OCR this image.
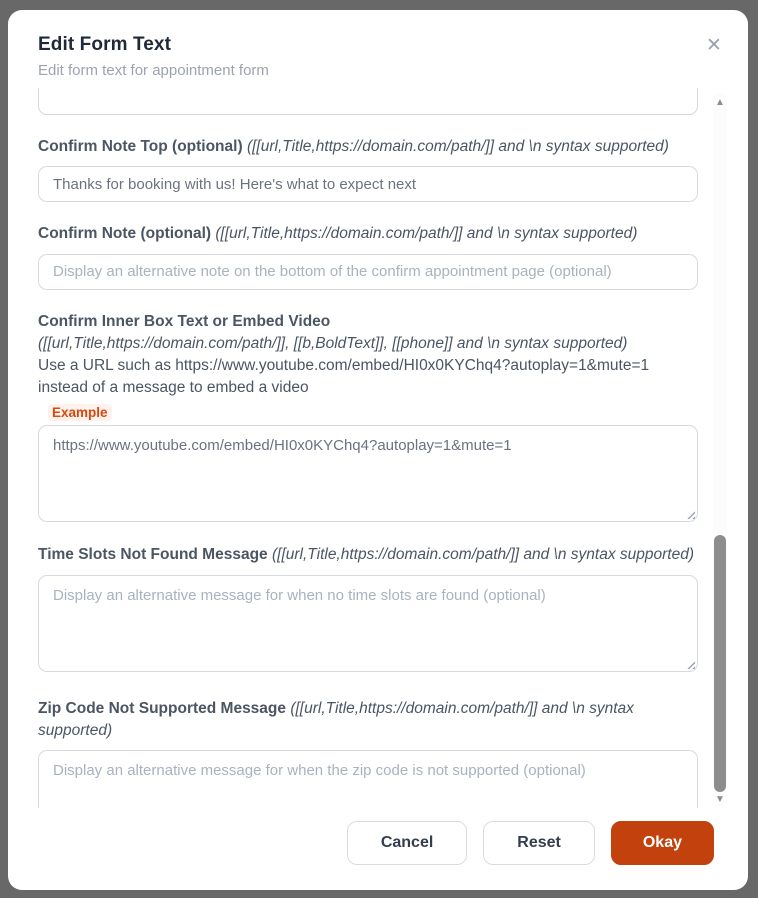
Edit Form Text
Edit form text for appointment form
✕
Confirm Note Top (optional) ([[url,Title,https://domain.com/path/]] and \n syntax supported)
Thanks for booking with us! Here's what to expect next
Confirm Note (optional) ([[url,Title,https://domain.com/path/]] and \n syntax supported)
Display an alternative note on the bottom of the confirm appointment page (optional)
Confirm Inner Box Text or Embed Video
([[url,Title,https://domain.com/path/]], [[b,BoldText]], [[phone]] and \n syntax supported)
Use a URL such as https://www.youtube.com/embed/HI0x0KYChq4?autoplay=1&mute=1 instead of a message to embed a video
Example
https://www.youtube.com/embed/HI0x0KYChq4?autoplay=1&mute=1
Time Slots Not Found Message ([[url,Title,https://domain.com/path/]] and \n syntax supported)
Display an alternative message for when no time slots are found (optional)
Zip Code Not Supported Message ([[url,Title,https://domain.com/path/]] and \n syntax supported)
Display an alternative message for when the zip code is not supported (optional)
▲
▼
Cancel	Reset	Okay
